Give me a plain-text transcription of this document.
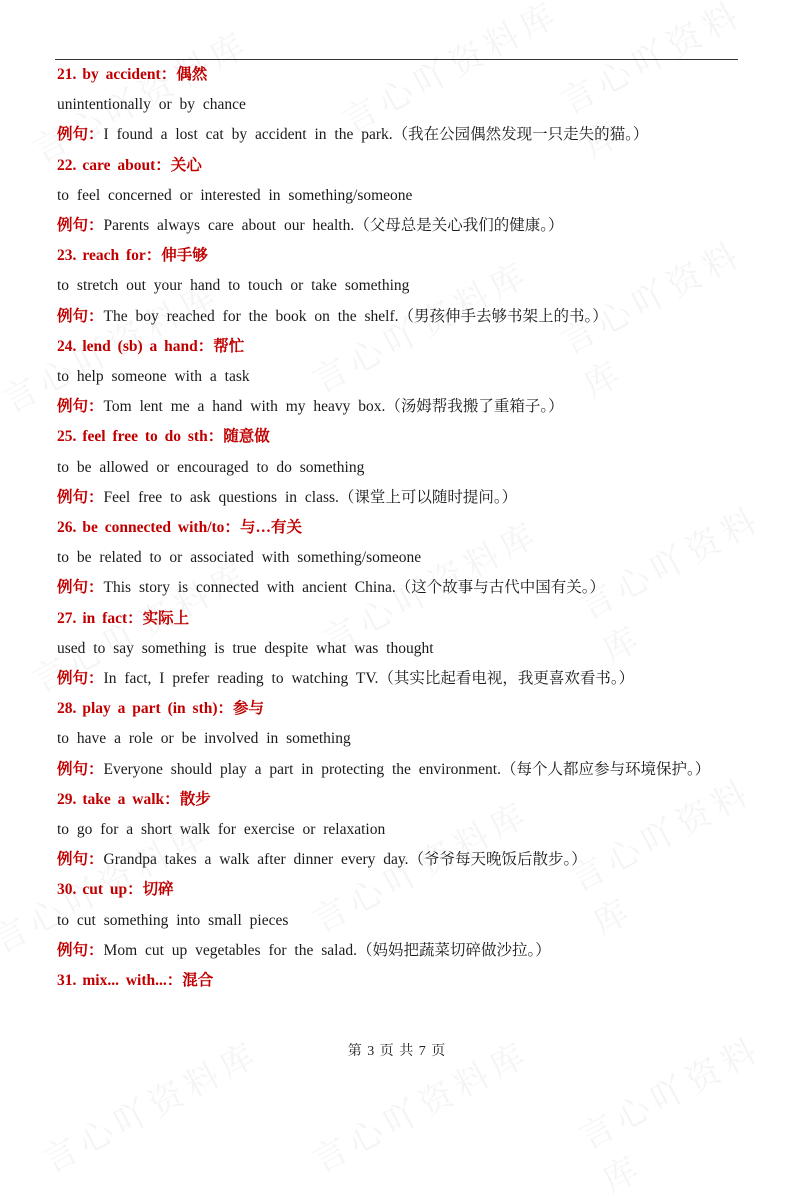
21. by accident：偶然
unintentionally or by chance
例句：I found a lost cat by accident in the park.（我在公园偶然发现一只走失的猫。）
22. care about：关心
to feel concerned or interested in something/someone
例句：Parents always care about our health.（父母总是关心我们的健康。）
23. reach for：伸手够
to stretch out your hand to touch or take something
例句：The boy reached for the book on the shelf.（男孩伸手去够书架上的书。）
24. lend (sb) a hand：帮忙
to help someone with a task
例句：Tom lent me a hand with my heavy box.（汤姆帮我搬了重箱子。）
25. feel free to do sth：随意做
to be allowed or encouraged to do something
例句：Feel free to ask questions in class.（课堂上可以随时提问。）
26. be connected with/to：与…有关
to be related to or associated with something/someone
例句：This story is connected with ancient China.（这个故事与古代中国有关。）
27. in fact：实际上
used to say something is true despite what was thought
例句：In fact, I prefer reading to watching TV.（其实比起看电视，我更喜欢看书。）
28. play a part (in sth)：参与
to have a role or be involved in something
例句：Everyone should play a part in protecting the environment.（每个人都应参与环境保护。）
29. take a walk：散步
to go for a short walk for exercise or relaxation
例句：Grandpa takes a walk after dinner every day.（爷爷每天晚饭后散步。）
30. cut up：切碎
to cut something into small pieces
例句：Mom cut up vegetables for the salad.（妈妈把蔬菜切碎做沙拉。）
31. mix... with...：混合
第 3 页 共 7 页
